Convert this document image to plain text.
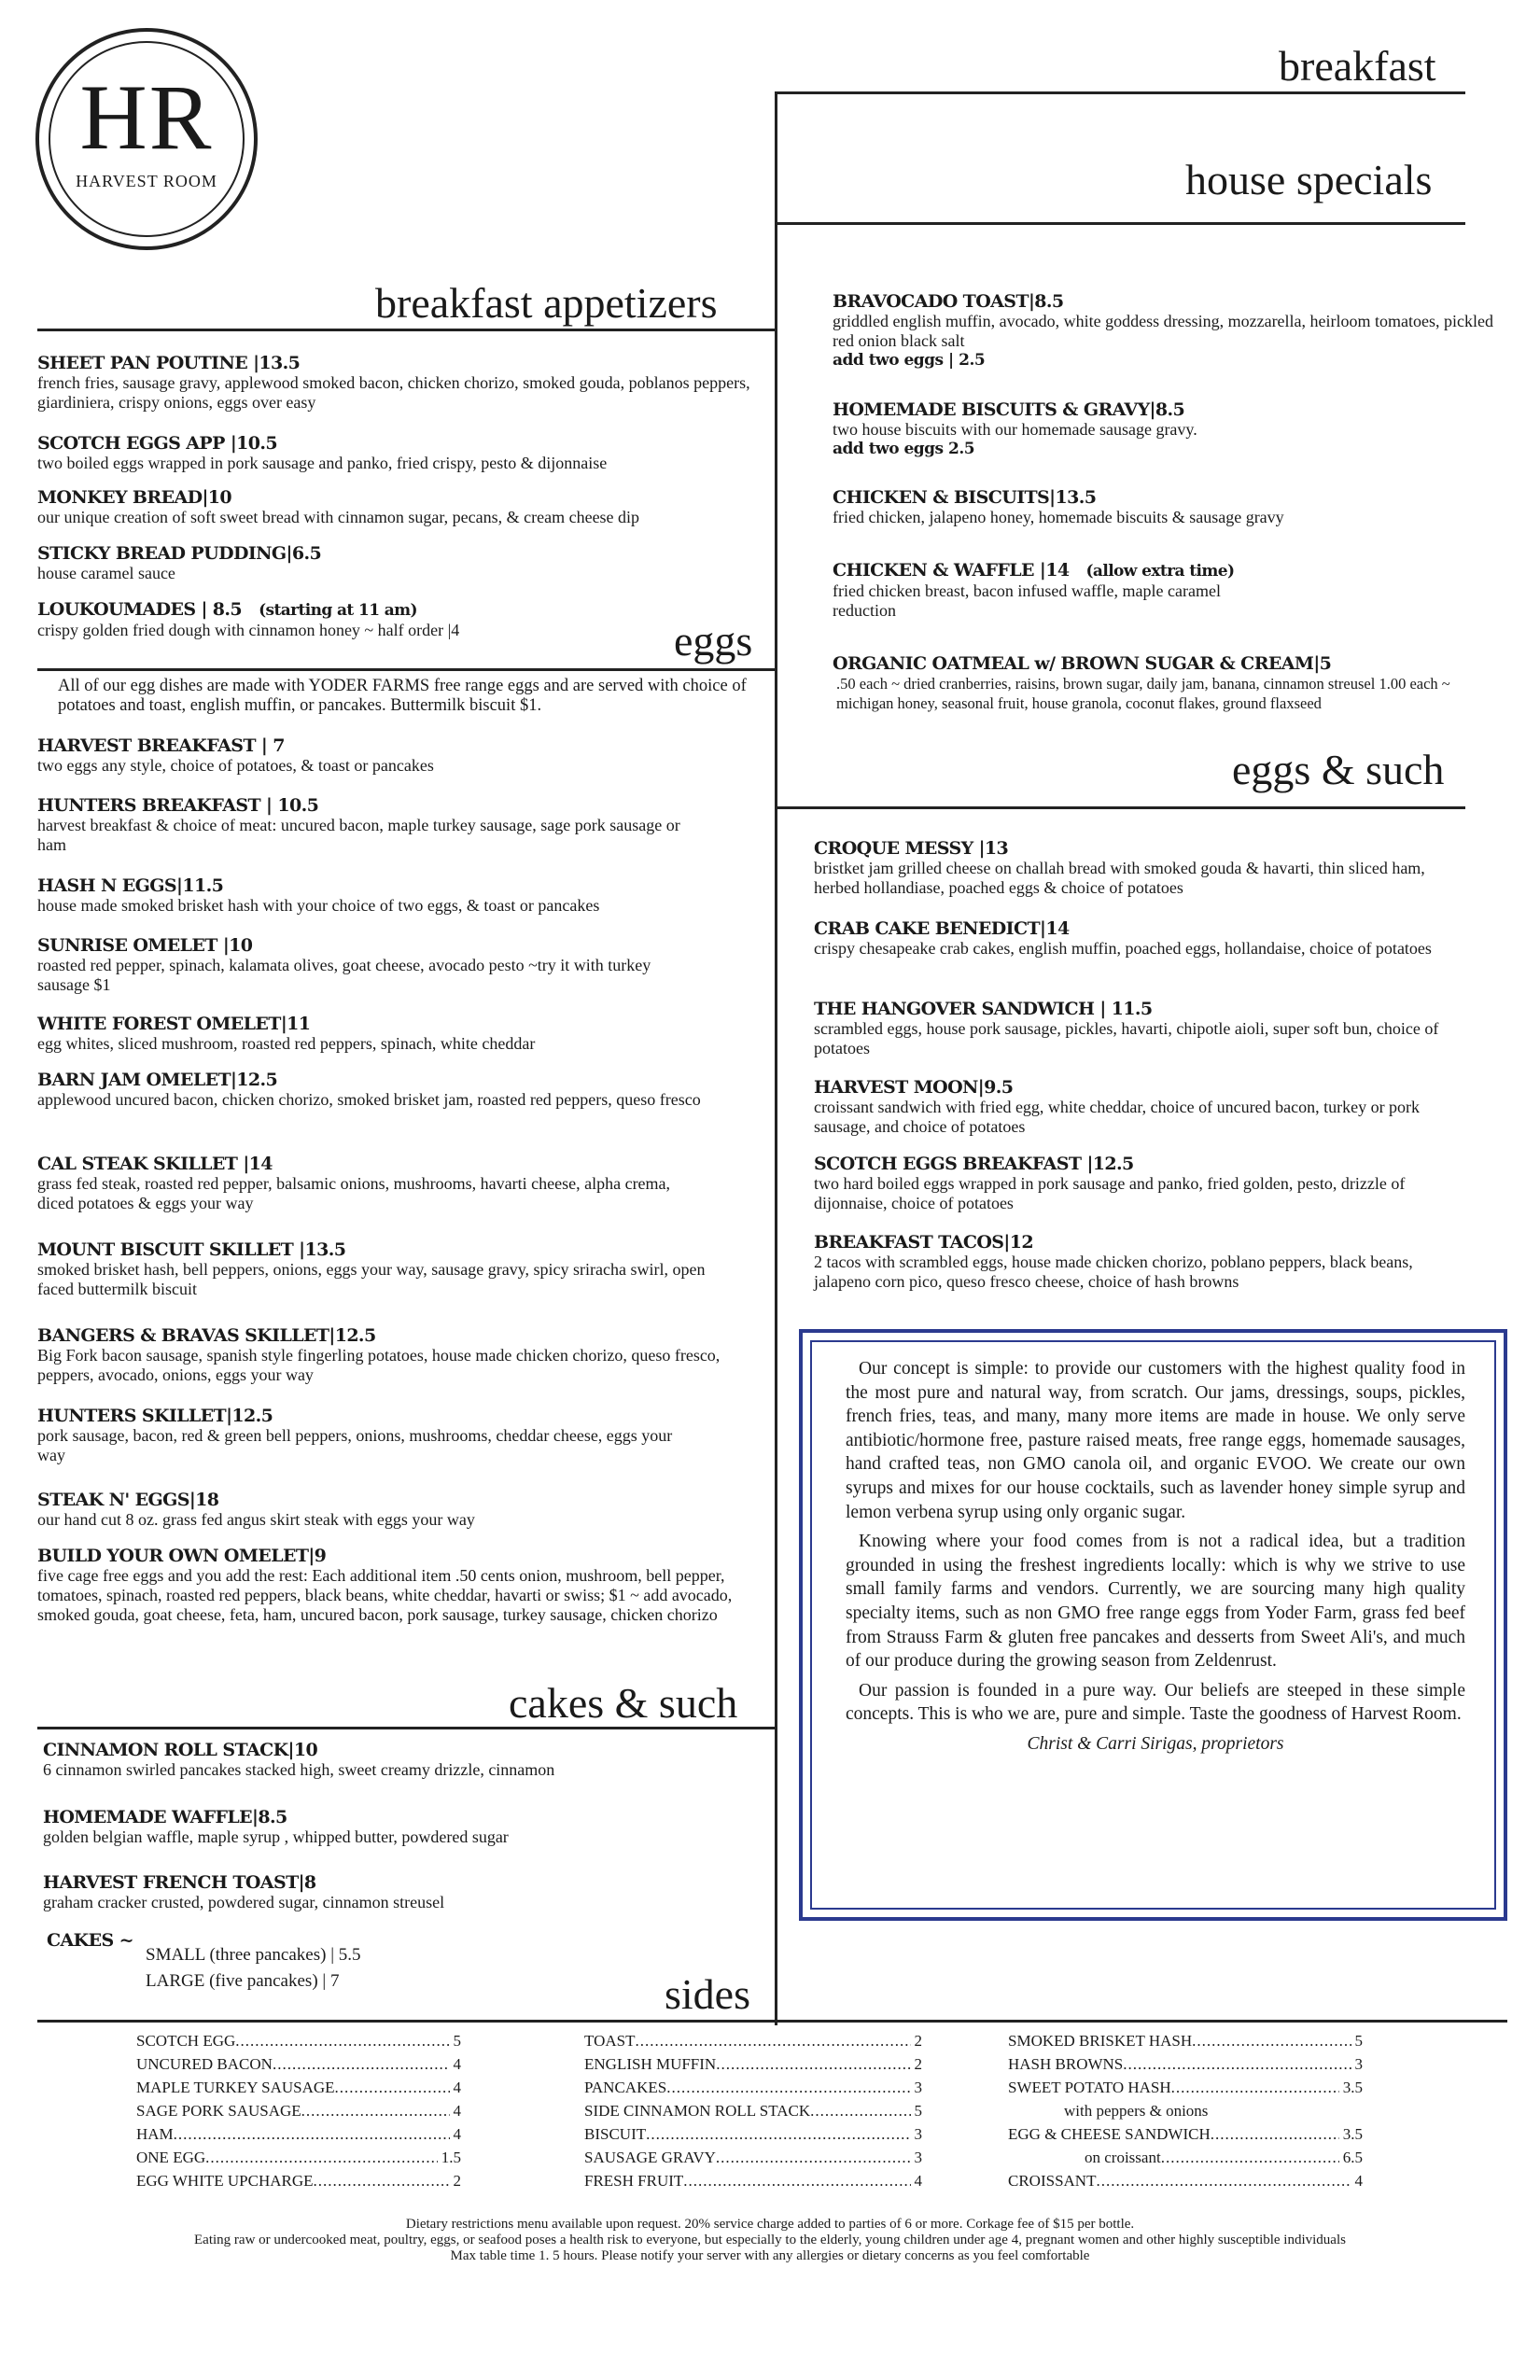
HR
HARVEST ROOM
breakfast
house specials
breakfast appetizers
eggs
eggs & such
cakes & such
sides
SHEET PAN POUTINE |13.5
french fries, sausage gravy, applewood smoked bacon, chicken chorizo, smoked gouda, poblanos peppers, giardiniera, crispy onions, eggs over easy
SCOTCH EGGS APP |10.5
two boiled eggs wrapped in pork sausage and panko, fried crispy, pesto & dijonnaise
MONKEY BREAD|10
our unique creation of soft sweet bread with cinnamon sugar, pecans, & cream cheese dip
STICKY BREAD PUDDING|6.5
house caramel sauce
LOUKOUMADES | 8.5 (starting at 11 am)
crispy golden fried dough with cinnamon honey ~ half order |4
All of our egg dishes are made with YODER FARMS free range eggs and are served with choice of potatoes and toast, english muffin, or pancakes. Buttermilk biscuit $1.
HARVEST BREAKFAST | 7
two eggs any style, choice of potatoes, & toast or pancakes
HUNTERS BREAKFAST | 10.5
harvest breakfast & choice of meat: uncured bacon, maple turkey sausage, sage pork sausage or ham
HASH N EGGS|11.5
house made smoked brisket hash with your choice of two eggs, & toast or pancakes
SUNRISE OMELET |10
roasted red pepper, spinach, kalamata olives, goat cheese, avocado pesto ~try it with turkey sausage $1
WHITE FOREST OMELET|11
egg whites, sliced mushroom, roasted red peppers, spinach, white cheddar
BARN JAM OMELET|12.5
applewood uncured bacon, chicken chorizo, smoked brisket jam, roasted red peppers, queso fresco
CAL STEAK SKILLET |14
grass fed steak, roasted red pepper, balsamic onions, mushrooms, havarti cheese, alpha crema, diced potatoes & eggs your way
MOUNT BISCUIT SKILLET |13.5
smoked brisket hash, bell peppers, onions, eggs your way, sausage gravy, spicy sriracha swirl, open faced buttermilk biscuit
BANGERS & BRAVAS SKILLET|12.5
Big Fork bacon sausage, spanish style fingerling potatoes, house made chicken chorizo, queso fresco, peppers, avocado, onions, eggs your way
HUNTERS SKILLET|12.5
pork sausage, bacon, red & green bell peppers, onions, mushrooms, cheddar cheese, eggs your way
STEAK N' EGGS|18
our hand cut 8 oz. grass fed angus skirt steak with eggs your way
BUILD YOUR OWN OMELET|9
five cage free eggs and you add the rest: Each additional item .50 cents onion, mushroom, bell pepper, tomatoes, spinach, roasted red peppers, black beans, white cheddar, havarti or swiss; $1 ~ add avocado, smoked gouda, goat cheese, feta, ham, uncured bacon, pork sausage, turkey sausage, chicken chorizo
CINNAMON ROLL STACK|10
6 cinnamon swirled pancakes stacked high, sweet creamy drizzle, cinnamon
HOMEMADE WAFFLE|8.5
golden belgian waffle, maple syrup , whipped butter, powdered sugar
HARVEST FRENCH TOAST|8
graham cracker crusted, powdered sugar, cinnamon streusel
CAKES ~
SMALL (three pancakes) | 5.5
LARGE (five pancakes) | 7
BRAVOCADO TOAST|8.5
griddled english muffin, avocado, white goddess dressing, mozzarella, heirloom tomatoes, pickled red onion black salt
add two eggs | 2.5
HOMEMADE BISCUITS & GRAVY|8.5
two house biscuits with our homemade sausage gravy.
add two eggs 2.5
CHICKEN & BISCUITS|13.5
fried chicken, jalapeno honey, homemade biscuits & sausage gravy
CHICKEN & WAFFLE |14 (allow extra time)
fried chicken breast, bacon infused waffle, maple caramel reduction
ORGANIC OATMEAL w/ BROWN SUGAR & CREAM|5
.50 each ~ dried cranberries, raisins, brown sugar, daily jam, banana, cinnamon streusel 1.00 each ~ michigan honey, seasonal fruit, house granola, coconut flakes, ground flaxseed
CROQUE MESSY |13
bristket jam grilled cheese on challah bread with smoked gouda & havarti, thin sliced ham, herbed hollandiase, poached eggs & choice of potatoes
CRAB CAKE BENEDICT|14
crispy chesapeake crab cakes, english muffin, poached eggs, hollandaise, choice of potatoes
THE HANGOVER SANDWICH | 11.5
scrambled eggs, house pork sausage, pickles, havarti, chipotle aioli, super soft bun, choice of potatoes
HARVEST MOON|9.5
croissant sandwich with fried egg, white cheddar, choice of uncured bacon, turkey or pork sausage, and choice of potatoes
SCOTCH EGGS BREAKFAST |12.5
two hard boiled eggs wrapped in pork sausage and panko, fried golden, pesto, drizzle of dijonnaise, choice of potatoes
BREAKFAST TACOS|12
2 tacos with scrambled eggs, house made chicken chorizo, poblano peppers, black beans, jalapeno corn pico, queso fresco cheese, choice of hash browns

Our concept is simple: to provide our customers with the highest quality food in the most pure and natural way, from scratch. Our jams, dressings, soups, pickles, french fries, teas, and many, many more items are made in house. We only serve antibiotic/hormone free, pasture raised meats, free range eggs, homemade sausages, hand crafted teas, non GMO canola oil, and organic EVOO. We create our own syrups and mixes for our house cocktails, such as lavender honey simple syrup and lemon verbena syrup using only organic sugar.

Knowing where your food comes from is not a radical idea, but a tradition grounded in using the freshest ingredients locally: which is why we strive to use small family farms and vendors. Currently, we are sourcing many high quality specialty items, such as non GMO free range eggs from Yoder Farm, grass fed beef from Strauss Farm & gluten free pancakes and desserts from Sweet Ali's, and much of our produce during the growing season from Zeldenrust.

Our passion is founded in a pure way. Our beliefs are steeped in these simple concepts. This is who we are, pure and simple. Taste the goodness of Harvest Room.

Christ & Carri Sirigas, proprietors
SCOTCH EGG .....	5
UNCURED BACON .....	4
MAPLE TURKEY SAUSAGE .....	4
SAGE PORK SAUSAGE .....	4
HAM .....	4
ONE EGG .....	1.5
EGG WHITE UPCHARGE .....	2
TOAST .....	2
ENGLISH MUFFIN .....	2
PANCAKES .....	3
SIDE CINNAMON ROLL STACK .....	5
BISCUIT .....	3
SAUSAGE GRAVY .....	3
FRESH FRUIT .....	4
SMOKED BRISKET HASH .....	5
HASH BROWNS .....	3
SWEET POTATO HASH .....	3.5
with peppers & onions
EGG & CHEESE SANDWICH .....	3.5
on croissant .....	6.5
CROISSANT .....	4
Dietary restrictions menu available upon request. 20% service charge added to parties of 6 or more. Corkage fee of $15 per bottle.
Eating raw or undercooked meat, poultry, eggs, or seafood poses a health risk to everyone, but especially to the elderly, young children under age 4, pregnant women and other highly susceptible individuals
Max table time 1. 5 hours. Please notify your server with any allergies or dietary concerns as you feel comfortable
